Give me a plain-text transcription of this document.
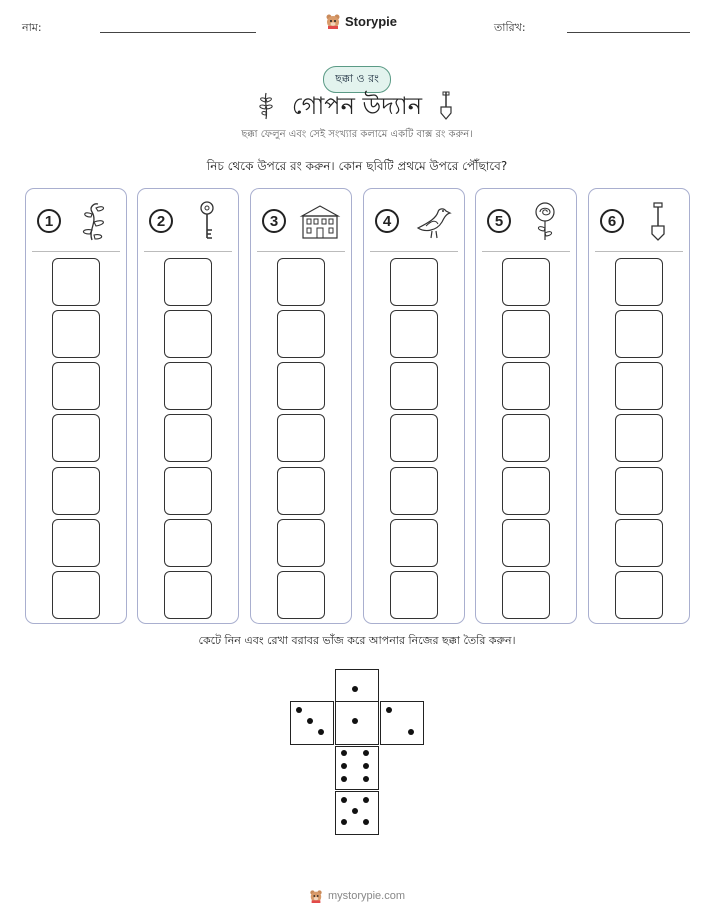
নাম:	Storypie	তারিখ:
ছক্কা ও রং
গোপন উদ্যান
ছক্কা ফেলুন এবং সেই সংখ্যার কলামে একটি বাক্স রং করুন।
নিচ থেকে উপরে রং করুন। কোন ছবিটি প্রথমে উপরে পৌঁছাবে?
1	2	3	4	5	6
কেটে নিন এবং রেখা বরাবর ভাঁজ করে আপনার নিজের ছক্কা তৈরি করুন।
mystorypie.com
